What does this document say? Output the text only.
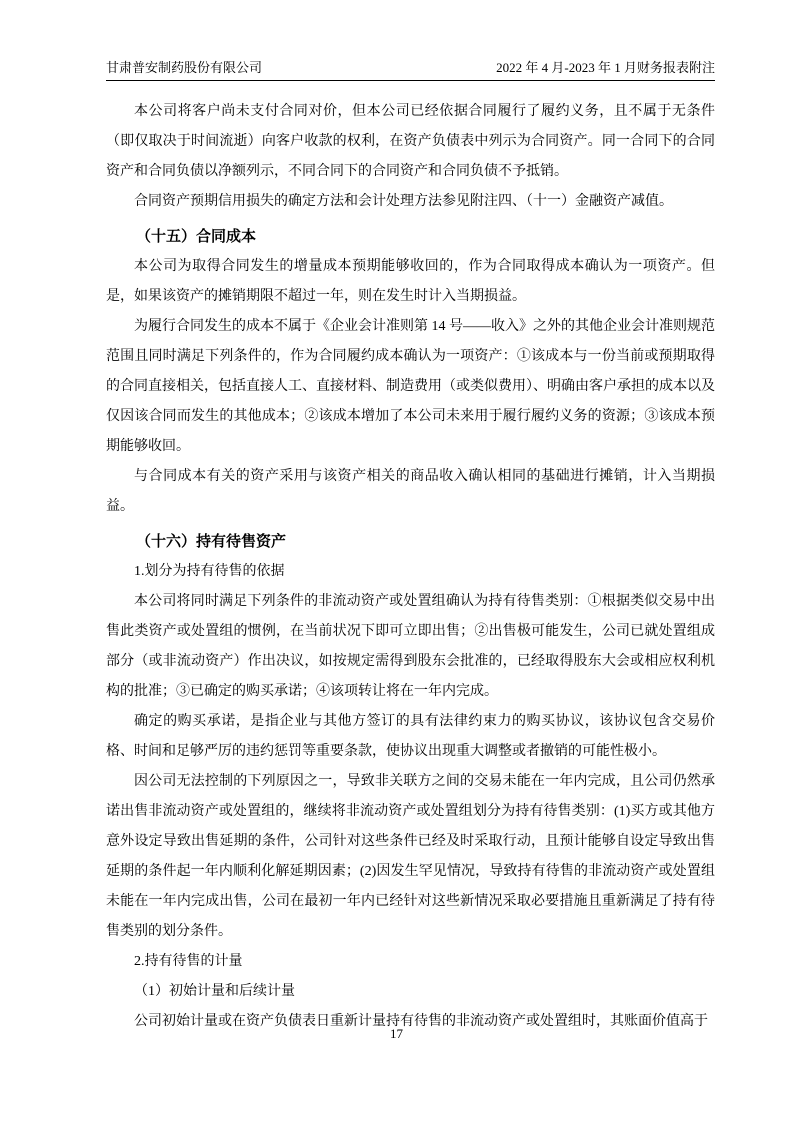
甘肃普安制药股份有限公司	2022 年 4 月-2023 年 1 月财务报表附注

本公司将客户尚未支付合同对价，但本公司已经依据合同履行了履约义务，且不属于无条件（即仅取决于时间流逝）向客户收款的权利，在资产负债表中列示为合同资产。同一合同下的合同资产和合同负债以净额列示，不同合同下的合同资产和合同负债不予抵销。

合同资产预期信用损失的确定方法和会计处理方法参见附注四、（十一）金融资产减值。

（十五）合同成本

本公司为取得合同发生的增量成本预期能够收回的，作为合同取得成本确认为一项资产。但是，如果该资产的摊销期限不超过一年，则在发生时计入当期损益。

为履行合同发生的成本不属于《企业会计准则第 14 号——收入》之外的其他企业会计准则规范范围且同时满足下列条件的，作为合同履约成本确认为一项资产：①该成本与一份当前或预期取得的合同直接相关，包括直接人工、直接材料、制造费用（或类似费用）、明确由客户承担的成本以及仅因该合同而发生的其他成本；②该成本增加了本公司未来用于履行履约义务的资源；③该成本预期能够收回。

与合同成本有关的资产采用与该资产相关的商品收入确认相同的基础进行摊销，计入当期损益。

（十六）持有待售资产

1.划分为持有待售的依据

本公司将同时满足下列条件的非流动资产或处置组确认为持有待售类别：①根据类似交易中出售此类资产或处置组的惯例，在当前状况下即可立即出售；②出售极可能发生，公司已就处置组成部分（或非流动资产）作出决议，如按规定需得到股东会批准的，已经取得股东大会或相应权利机构的批准；③已确定的购买承诺；④该项转让将在一年内完成。

确定的购买承诺，是指企业与其他方签订的具有法律约束力的购买协议，该协议包含交易价格、时间和足够严厉的违约惩罚等重要条款，使协议出现重大调整或者撤销的可能性极小。

因公司无法控制的下列原因之一，导致非关联方之间的交易未能在一年内完成，且公司仍然承诺出售非流动资产或处置组的，继续将非流动资产或处置组划分为持有待售类别：(1)买方或其他方意外设定导致出售延期的条件，公司针对这些条件已经及时采取行动，且预计能够自设定导致出售延期的条件起一年内顺利化解延期因素；(2)因发生罕见情况，导致持有待售的非流动资产或处置组未能在一年内完成出售，公司在最初一年内已经针对这些新情况采取必要措施且重新满足了持有待售类别的划分条件。

2.持有待售的计量

（1）初始计量和后续计量

公司初始计量或在资产负债表日重新计量持有待售的非流动资产或处置组时，其账面价值高于

17
